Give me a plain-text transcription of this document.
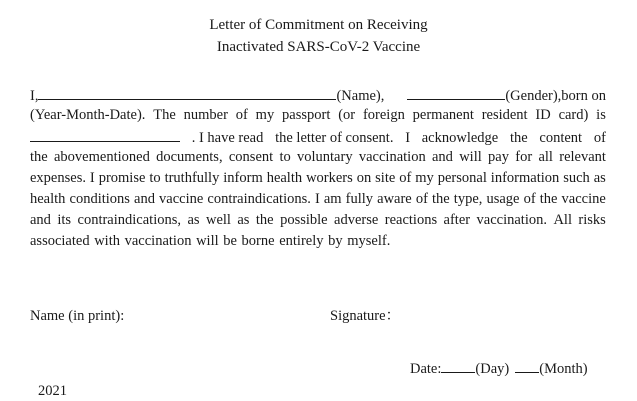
Letter of Commitment on Receiving
Inactivated SARS-CoV-2 Vaccine
I,	(Name),	(Gender),born on
(Year-Month-Date). The number of my passport (or foreign permanent resident ID card) is
. I have read the letter of consent. I acknowledge the content of
the abovementioned documents, consent to voluntary vaccination and will pay for all relevant
expenses. I promise to truthfully inform health workers on site of my personal information such as
health conditions and vaccine contraindications. I am fully aware of the type, usage of the vaccine
and its contraindications, as well as the possible adverse reactions after vaccination. All risks
associated with vaccination will be borne entirely by myself.
Name (in print):	Signature：
Date: (Day) (Month)
2021
